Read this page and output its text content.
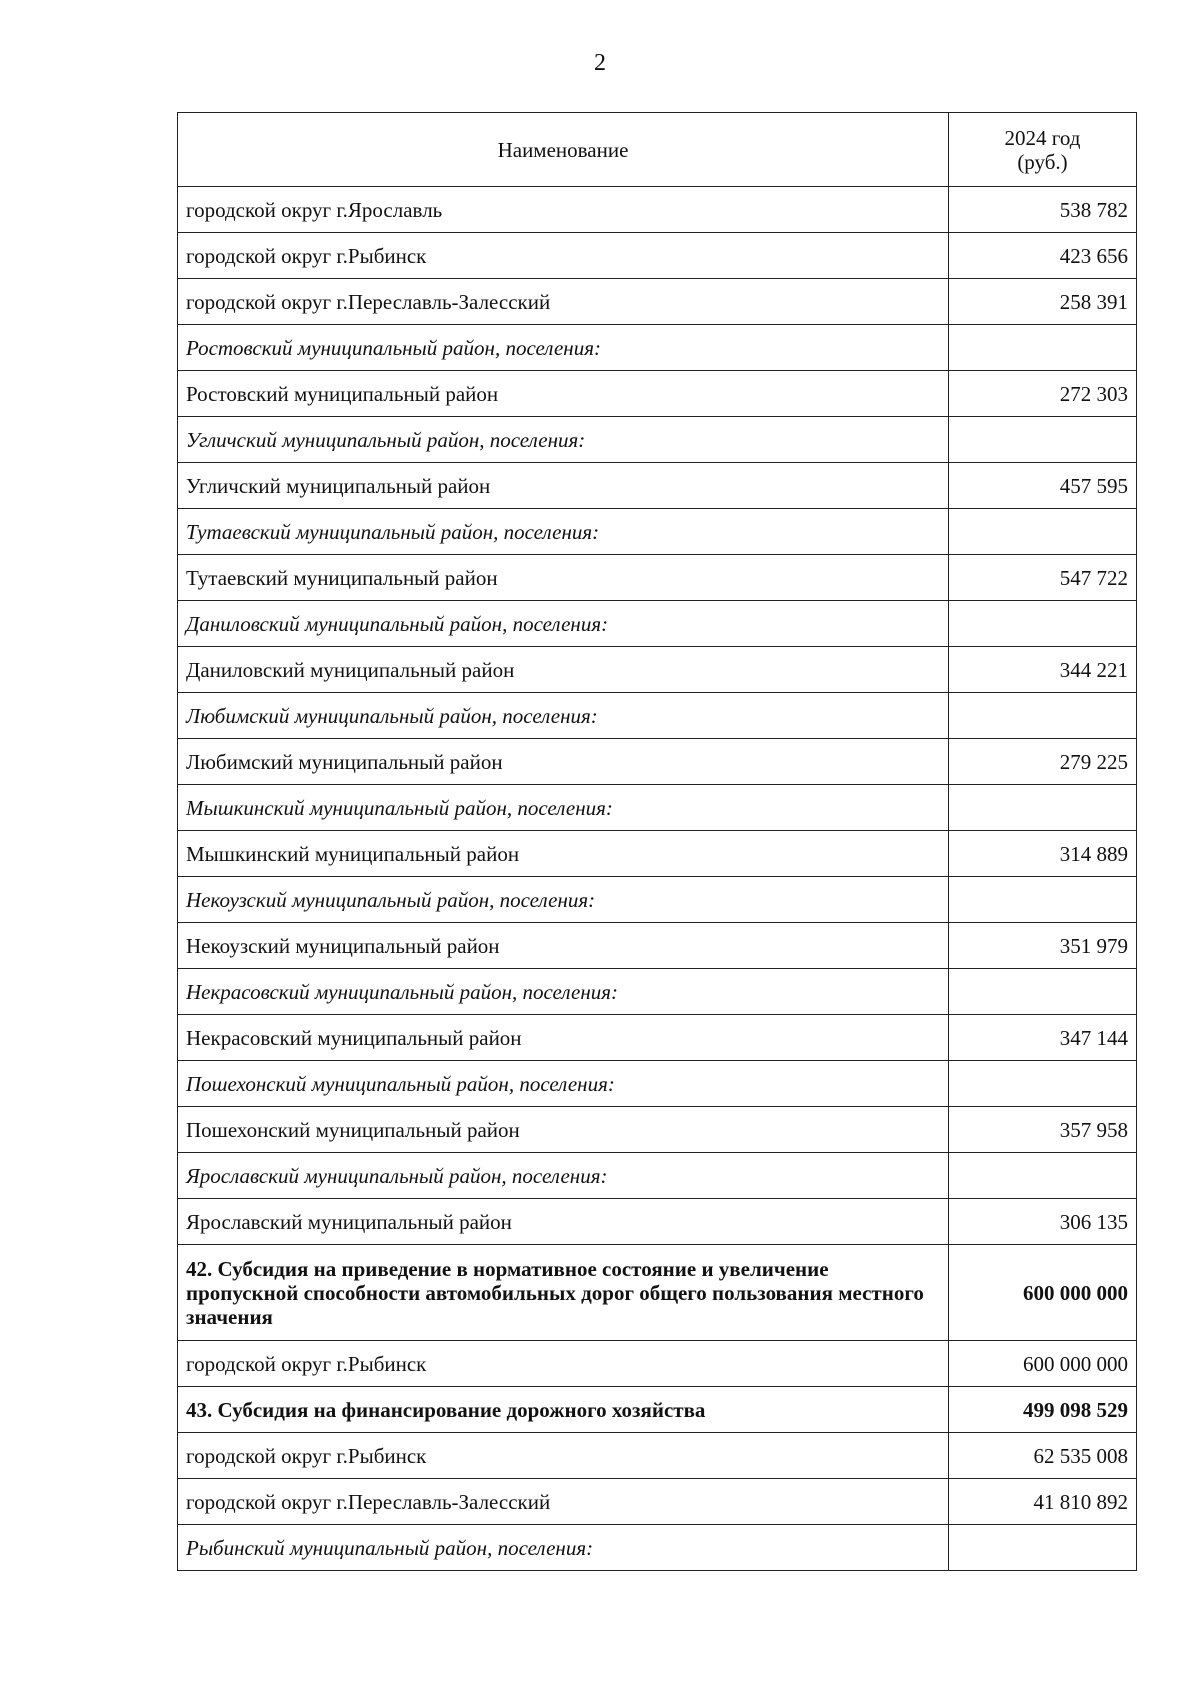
2
Наименование	2024 год
(руб.)
городской округ г.Ярославль	538 782
городской округ г.Рыбинск	423 656
городской округ г.Переславль-Залесский	258 391
Ростовский муниципальный район, поселения:	
Ростовский муниципальный район	272 303
Угличский муниципальный район, поселения:	
Угличский муниципальный район	457 595
Тутаевский муниципальный район, поселения:	
Тутаевский муниципальный район	547 722
Даниловский муниципальный район, поселения:	
Даниловский муниципальный район	344 221
Любимский муниципальный район, поселения:	
Любимский муниципальный район	279 225
Мышкинский муниципальный район, поселения:	
Мышкинский муниципальный район	314 889
Некоузский муниципальный район, поселения:	
Некоузский муниципальный район	351 979
Некрасовский муниципальный район, поселения:	
Некрасовский муниципальный район	347 144
Пошехонский муниципальный район, поселения:	
Пошехонский муниципальный район	357 958
Ярославский муниципальный район, поселения:	
Ярославский муниципальный район	306 135
42. Субсидия на приведение в нормативное состояние и увеличение пропускной способности автомобильных дорог общего пользования местного значения	600 000 000
городской округ г.Рыбинск	600 000 000
43. Субсидия на финансирование дорожного хозяйства	499 098 529
городской округ г.Рыбинск	62 535 008
городской округ г.Переславль-Залесский	41 810 892
Рыбинский муниципальный район, поселения:	
